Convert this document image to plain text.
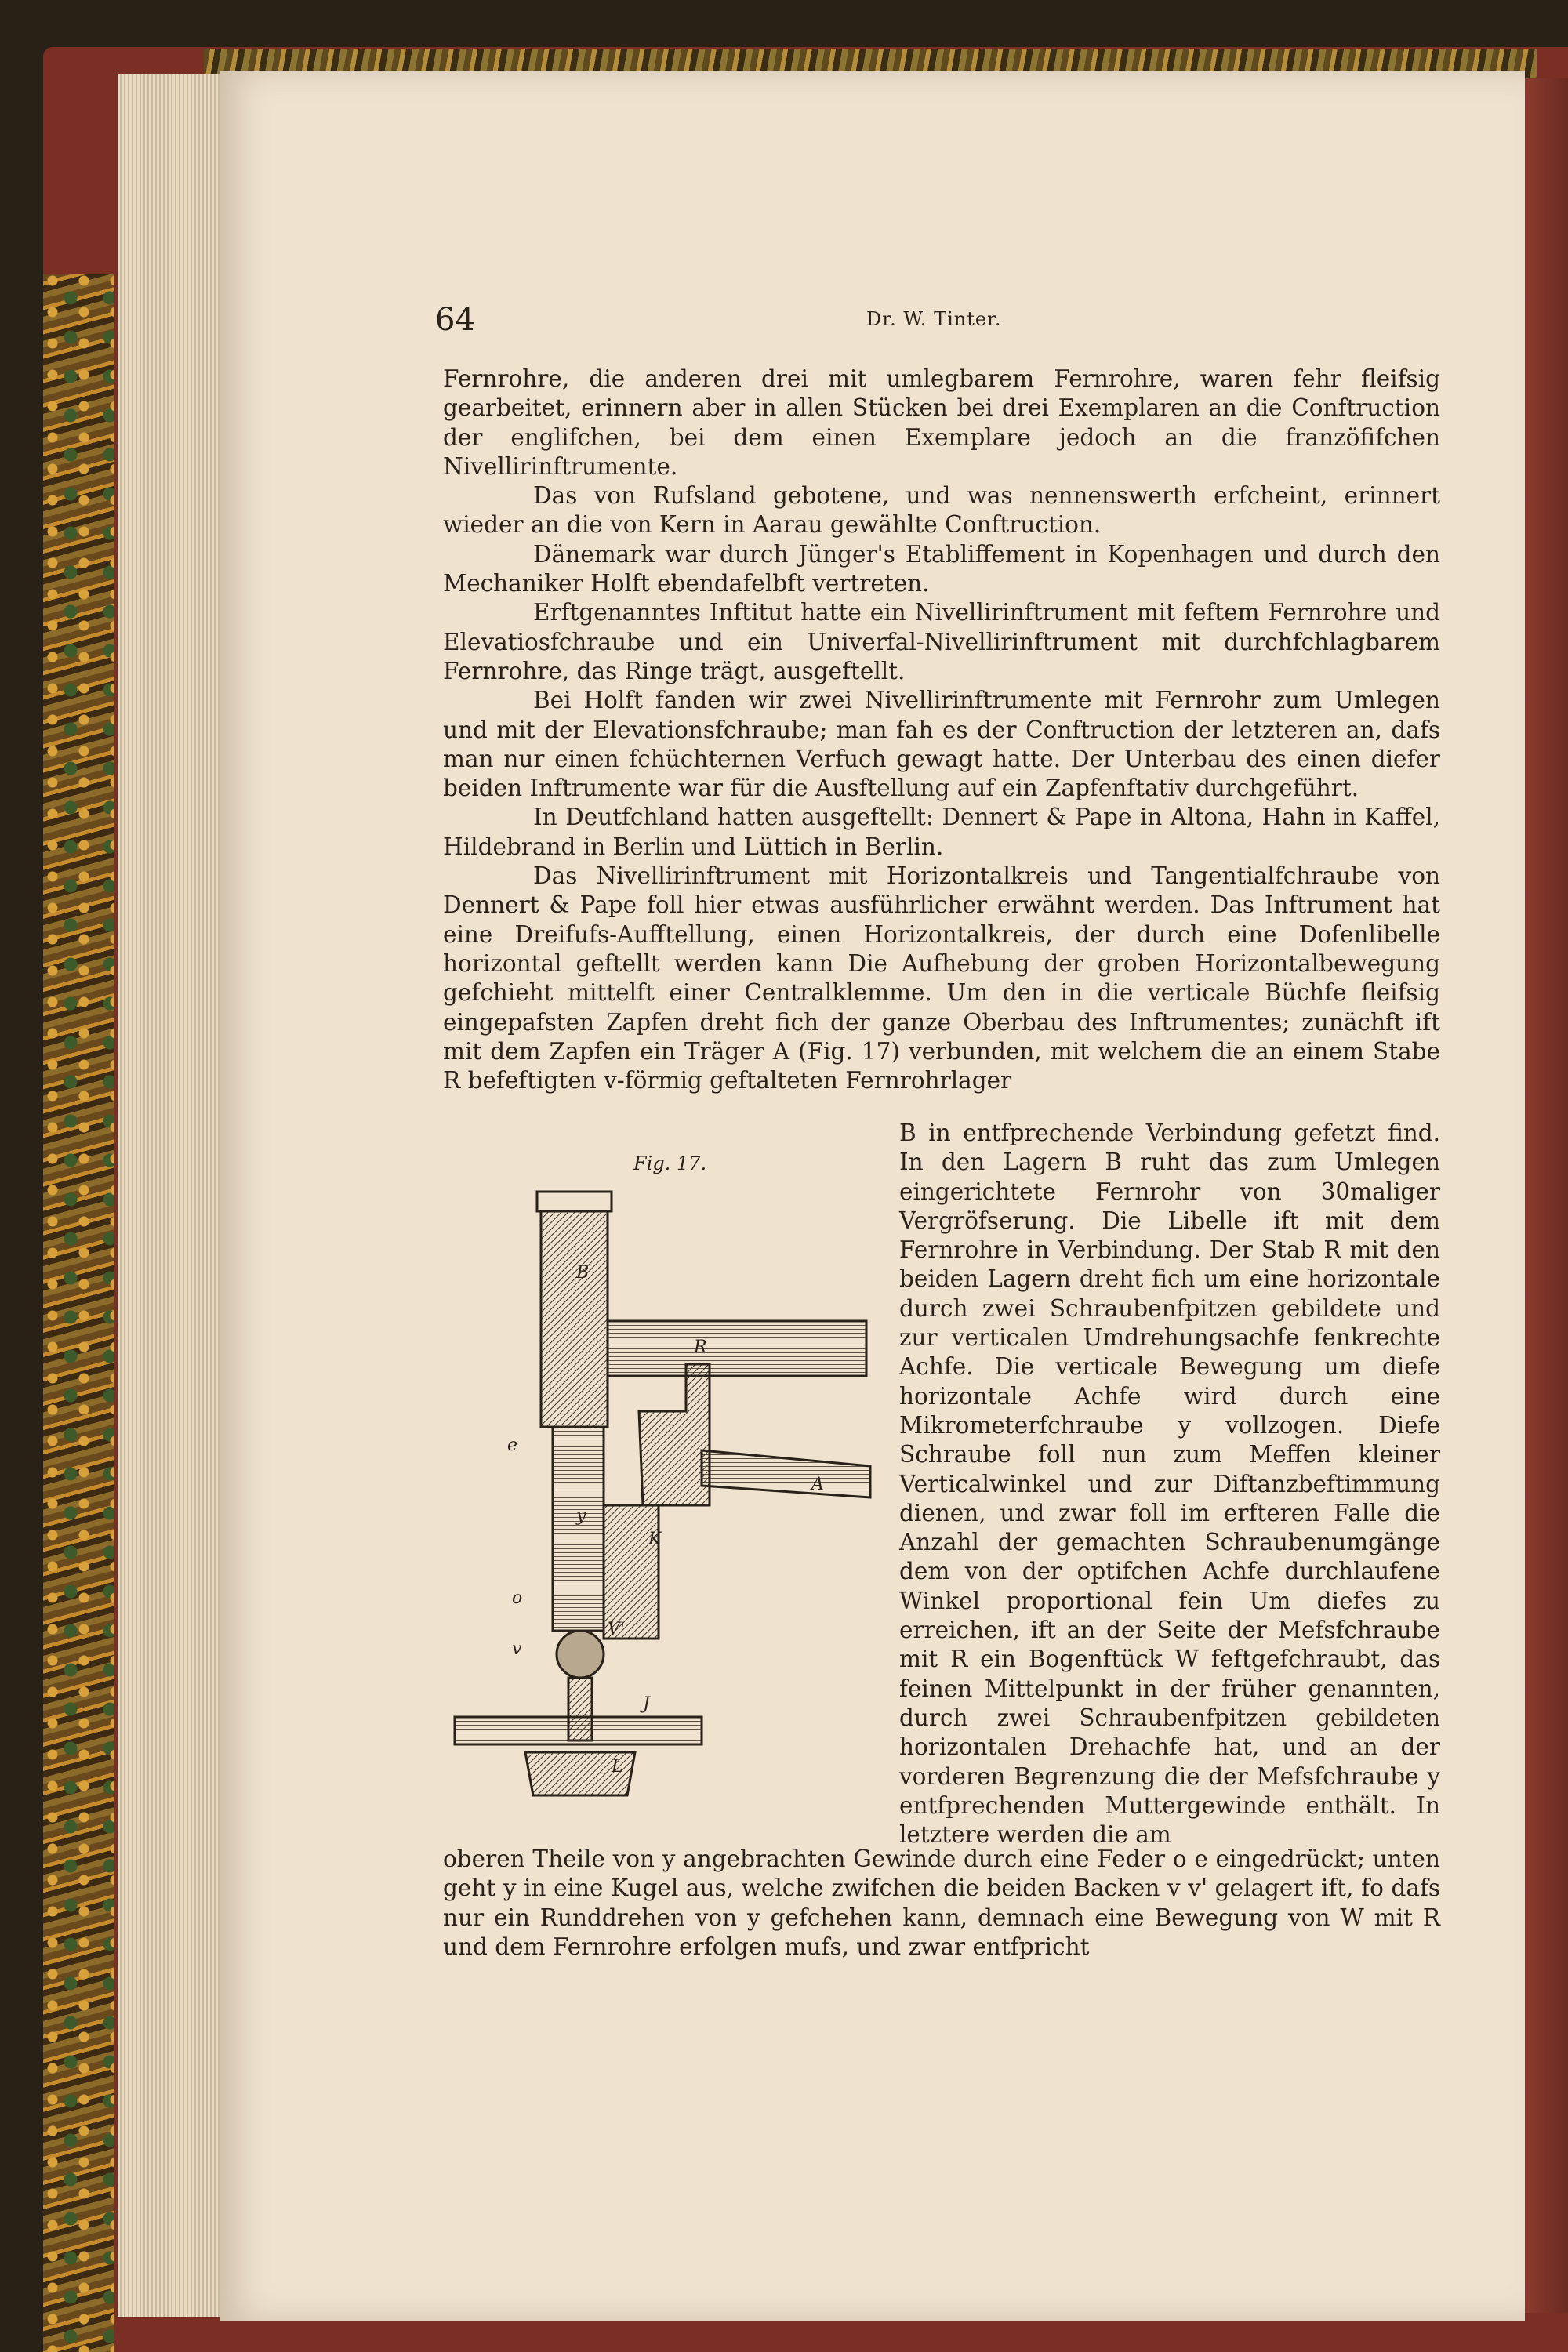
64	Dr. W. Tinter.

Fernrohre, die anderen drei mit umlegbarem Fernrohre, waren fehr fleifsig gearbeitet, erinnern aber in allen Stücken bei drei Exemplaren an die Conftruction der englifchen, bei dem einen Exemplare jedoch an die franzöfifchen Nivellirinftrumente.

Das von Rufsland gebotene, und was nennenswerth erfcheint, erinnert wieder an die von Kern in Aarau gewählte Conftruction.

Dänemark war durch Jünger's Etabliffement in Kopenhagen und durch den Mechaniker Holft ebendafelbft vertreten.

Erftgenanntes Inftitut hatte ein Nivellirinftrument mit feftem Fernrohre und Elevatiosfchraube und ein Univerfal-Nivellirinftrument mit durchfchlagbarem Fernrohre, das Ringe trägt, ausgeftellt.

Bei Holft fanden wir zwei Nivellirinftrumente mit Fernrohr zum Umlegen und mit der Elevationsfchraube; man fah es der Conftruction der letzteren an, dafs man nur einen fchüchternen Verfuch gewagt hatte. Der Unterbau des einen diefer beiden Inftrumente war für die Ausftellung auf ein Zapfenftativ durchgeführt.

In Deutfchland hatten ausgeftellt: Dennert & Pape in Altona, Hahn in Kaffel, Hildebrand in Berlin und Lüttich in Berlin.

Das Nivellirinftrument mit Horizontalkreis und Tangentialfchraube von Dennert & Pape foll hier etwas ausführlicher erwähnt werden. Das Inftrument hat eine Dreifufs-Aufftellung, einen Horizontalkreis, der durch eine Dofenlibelle horizontal geftellt werden kann Die Aufhebung der groben Horizontalbewegung gefchieht mittelft einer Centralklemme. Um den in die verticale Büchfe fleifsig eingepafsten Zapfen dreht fich der ganze Oberbau des Inftrumentes; zunächft ift mit dem Zapfen ein Träger A (Fig. 17) verbunden, mit welchem die an einem Stabe R befeftigten v-förmig geftalteten Fernrohrlager

Fig. 17.
B
R
A
e
o
v
V'
y
K
J
L
B in entfprechende Verbindung gefetzt find. In den Lagern B ruht das zum Umlegen eingerichtete Fernrohr von 30maliger Vergröfserung. Die Libelle ift mit dem Fernrohre in Verbindung. Der Stab R mit den beiden Lagern dreht fich um eine horizontale durch zwei Schraubenfpitzen gebildete und zur verticalen Umdrehungsachfe fenkrechte Achfe. Die verticale Bewegung um diefe horizontale Achfe wird durch eine Mikrometerfchraube y vollzogen. Diefe Schraube foll nun zum Meffen kleiner Verticalwinkel und zur Diftanzbeftimmung dienen, und zwar foll im erfteren Falle die Anzahl der gemachten Schraubenumgänge dem von der optifchen Achfe durchlaufene Winkel proportional fein Um diefes zu erreichen, ift an der Seite der Mefsfchraube mit R ein Bogenftück W feftgefchraubt, das feinen Mittelpunkt in der früher genannten, durch zwei Schraubenfpitzen gebildeten horizontalen Drehachfe hat, und an der vorderen Begrenzung die der Mefsfchraube y entfprechenden Muttergewinde enthält. In letztere werden die am
oberen Theile von y angebrachten Gewinde durch eine Feder o e eingedrückt; unten geht y in eine Kugel aus, welche zwifchen die beiden Backen v v' gelagert ift, fo dafs nur ein Runddrehen von y gefchehen kann, demnach eine Bewegung von W mit R und dem Fernrohre erfolgen mufs, und zwar entfpricht
